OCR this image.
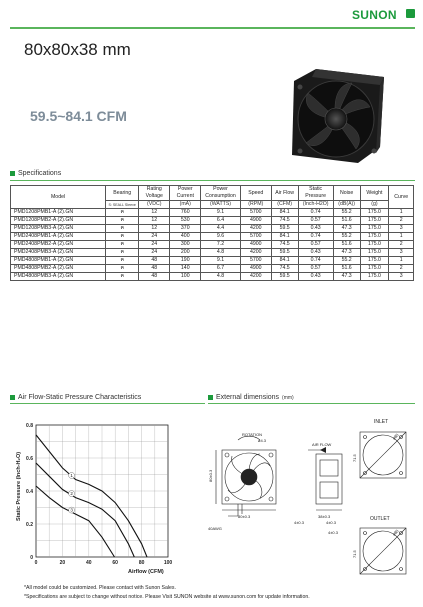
SUNON
80x80x38 mm
59.5~84.1 CFM
Specifications
Model	Bearing	Rating Voltage	Power Current	Power Consumption	Speed	Air Flow	Static Pressure	Noise	Weight	Curve
	S: SEALL Sleeve	(VDC)	(mA)	(WATTS)	(RPM)	(CFM)	(Inch-H2O)	(dB(A))	(g)	
PMD1208PMB1-A (2).GN	ฅ	12	760	9.1	5700	84.1	0.74	55.2	175.0	1
PMD1208PMB2-A (2).GN	ฅ	12	530	6.4	4900	74.5	0.57	51.6	175.0	2
PMD1208PMB3-A (2).GN	ฅ	12	370	4.4	4200	59.5	0.43	47.3	175.0	3
PMD2408PMB1-A (2).GN	ฅ	24	400	9.6	5700	84.1	0.74	55.2	175.0	1
PMD2408PMB2-A (2).GN	ฅ	24	300	7.2	4900	74.5	0.57	51.6	175.0	2
PMD2408PMB3-A (2).GN	ฅ	24	200	4.8	4200	59.5	0.43	47.3	175.0	3
PMD4808PMB1-A (2).GN	ฅ	48	190	9.1	5700	84.1	0.74	55.2	175.0	1
PMD4808PMB2-A (2).GN	ฅ	48	140	6.7	4900	74.5	0.57	51.6	175.0	2
PMD4808PMB3-A (2).GN	ฅ	48	100	4.8	4200	59.5	0.43	47.3	175.0	3
Air Flow-Static Pressure Characteristics	External dimensions (mm)
0	20	40	60	80	100
0
0.2
0.4
0.6
0.8
1
2
3
Static Pressure (Inch-H₂O)
Airflow (CFM)
ROTATION
AIR FLOW
INLET
OUTLET
40AWG
80±0.3
80±0.3	38±0.3
ø4.3
71.5
71.5
ø85
ø85
4±0.3	4±0.3
4±0.3
*All model could be customized. Please contact with Sunon Sales.
*Specifications are subject to change without notice. Please Visit SUNON website at www.sunon.com for update information.
